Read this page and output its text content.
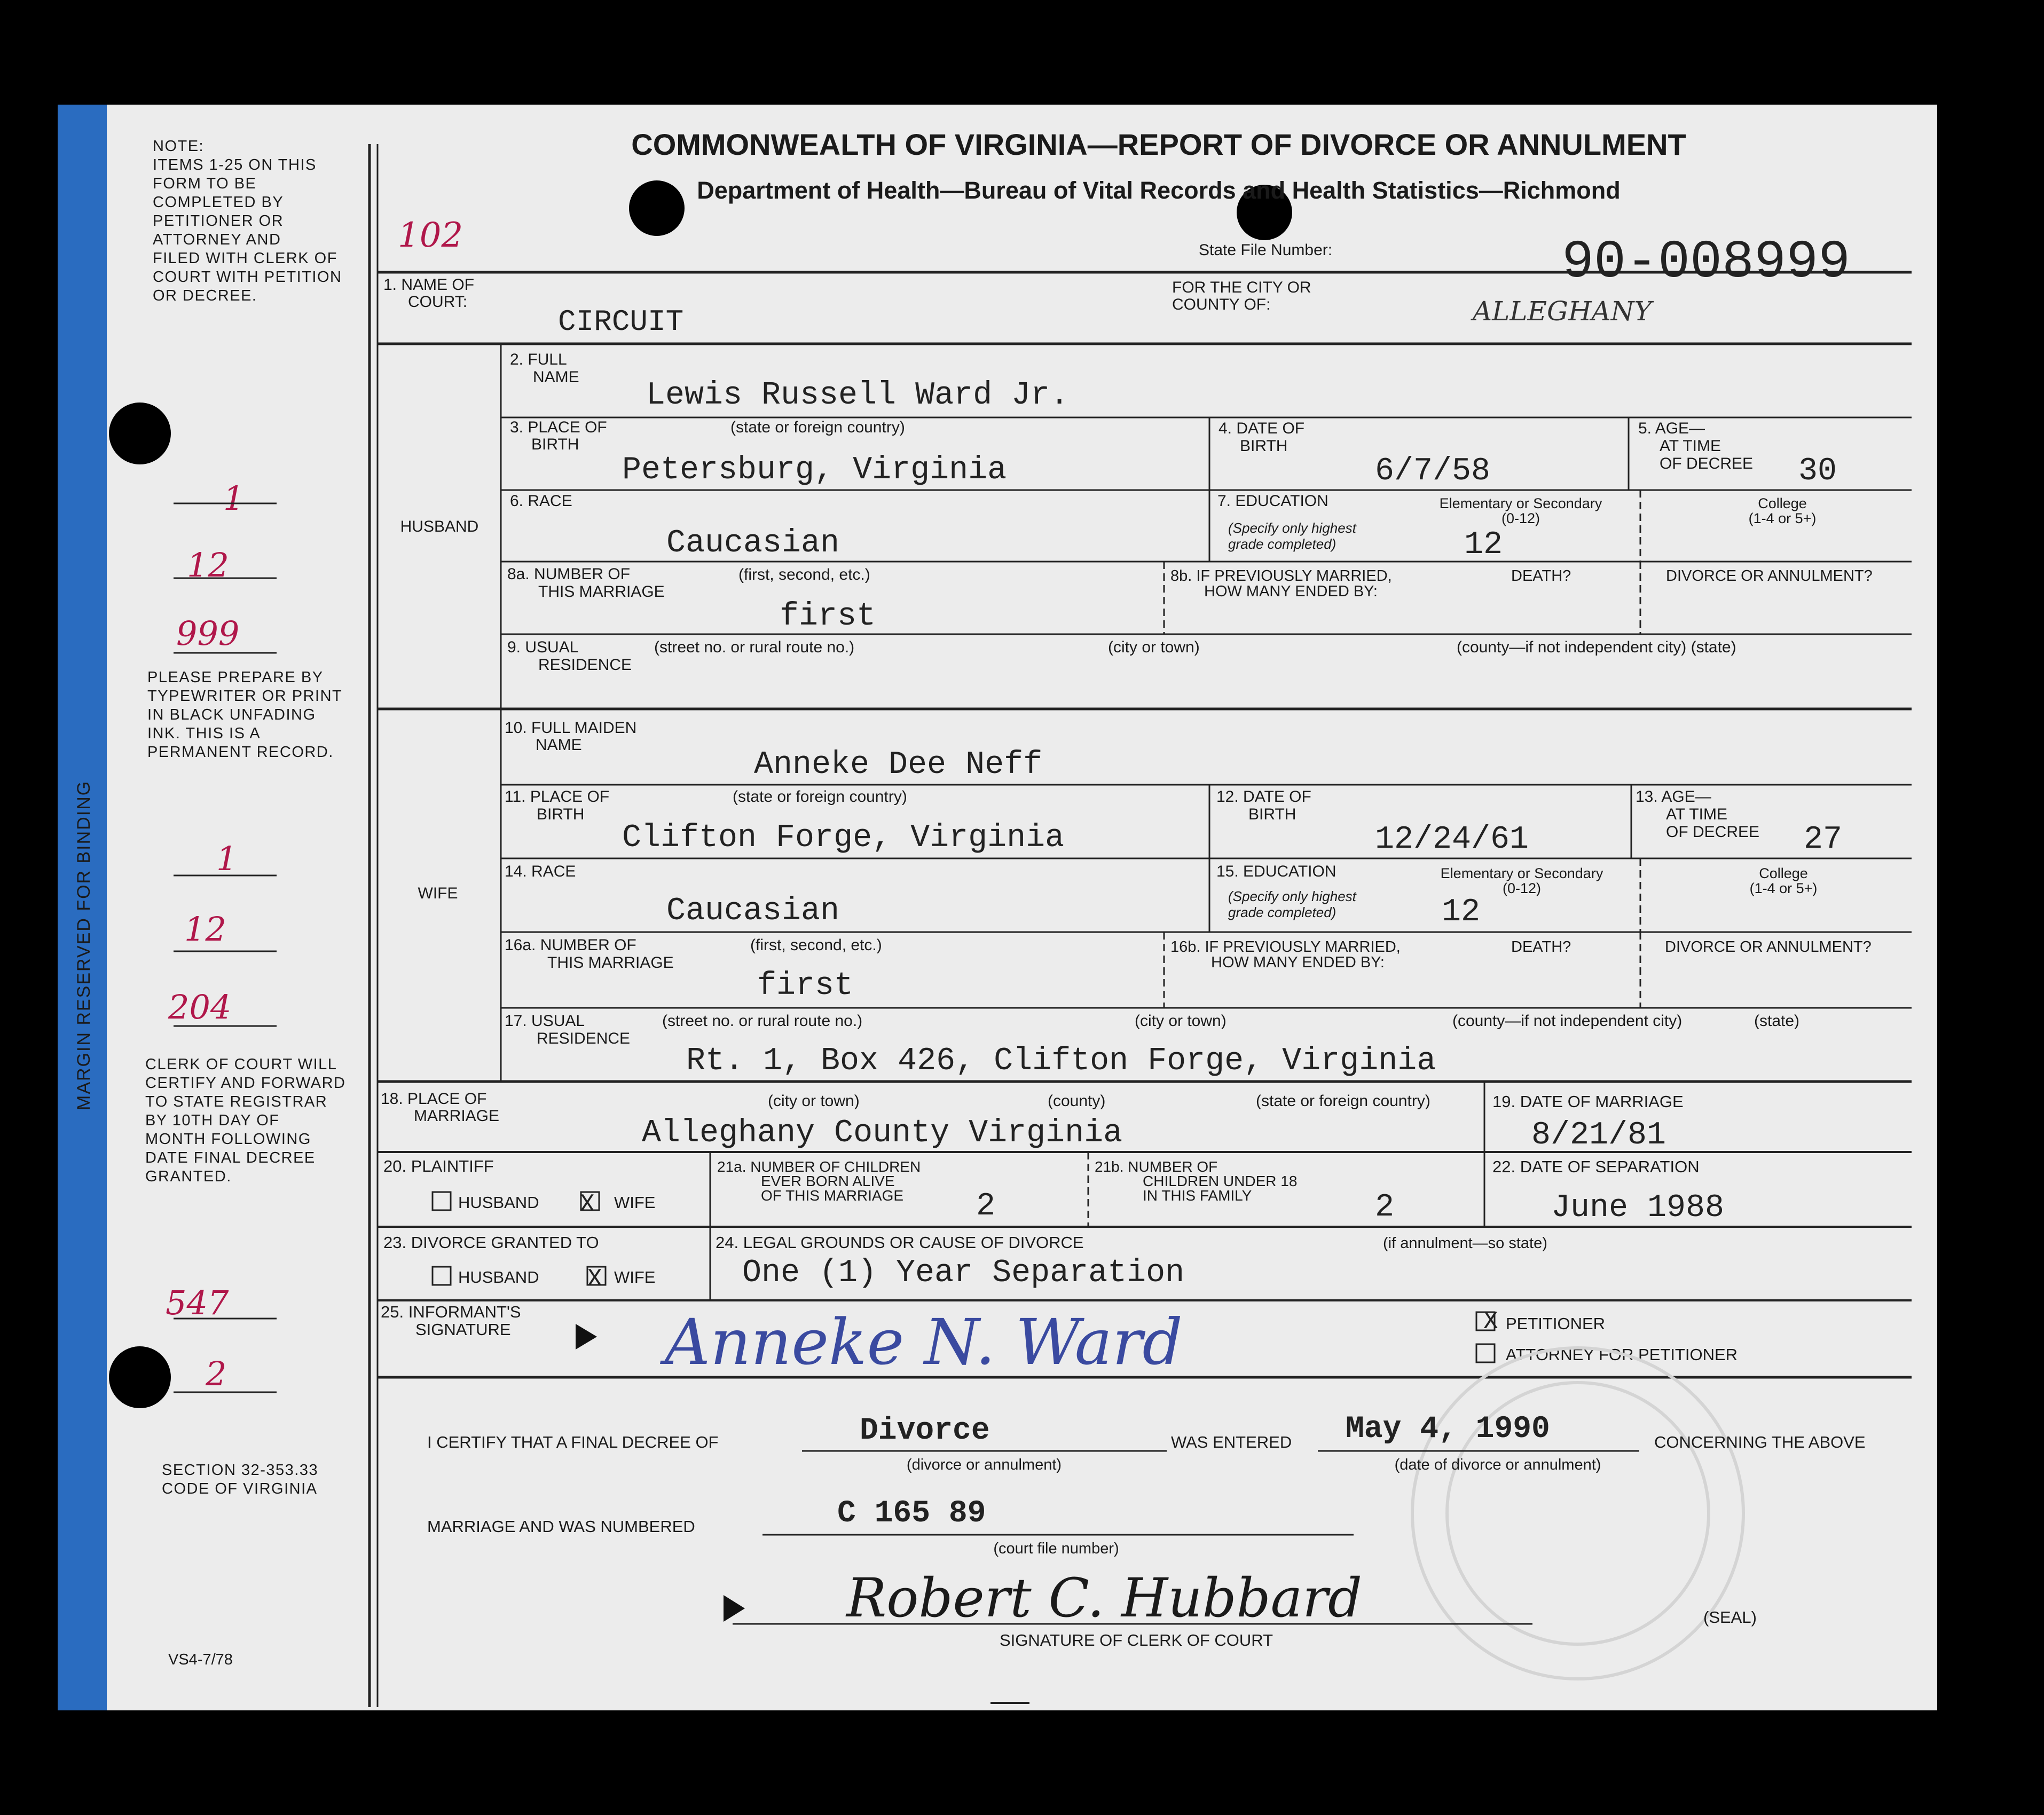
MARGIN RESERVED FOR BINDING
NOTE:
ITEMS 1-25 ON THIS
FORM TO BE
COMPLETED BY
PETITIONER OR
ATTORNEY AND
FILED WITH CLERK OF
COURT WITH PETITION
OR DECREE.
1
12
999
PLEASE PREPARE BY
TYPEWRITER OR PRINT
IN BLACK UNFADING
INK. THIS IS A
PERMANENT RECORD.
1
12
204
CLERK OF COURT WILL
CERTIFY AND FORWARD
TO STATE REGISTRAR
BY 10TH DAY OF
MONTH FOLLOWING
DATE FINAL DECREE
GRANTED.
547
2
SECTION 32-353.33
CODE OF VIRGINIA
VS4-7/78
COMMONWEALTH OF VIRGINIA—REPORT OF DIVORCE OR ANNULMENT
Department of Health—Bureau of Vital Records and Health Statistics—Richmond
102	State File Number:	90-008999
1. NAME OF
COURT:
CIRCUIT
FOR THE CITY OR
COUNTY OF:	ALLEGHANY
HUSBAND
2. FULL
NAME
Lewis Russell Ward Jr.
3. PLACE OF
BIRTH
(state or foreign country)
Petersburg, Virginia
4. DATE OF
BIRTH
6/7/58
5. AGE—
AT TIME
OF DECREE 30
6. RACE
Caucasian
7. EDUCATION
(Specify only highest
grade completed)
Elementary or Secondary
(0-12)
College
(1-4 or 5+)
12
8a. NUMBER OF
THIS MARRIAGE
(first, second, etc.)
first
8b. IF PREVIOUSLY MARRIED,
HOW MANY ENDED BY:
DEATH?	DIVORCE OR ANNULMENT?
9. USUAL
RESIDENCE
(street no. or rural route no.)	(city or town)	(county—if not independent city) (state)
WIFE
10. FULL MAIDEN
NAME
Anneke Dee Neff
11. PLACE OF
BIRTH
(state or foreign country)
Clifton Forge, Virginia
12. DATE OF
BIRTH
12/24/61
13. AGE—
AT TIME
OF DECREE 27
14. RACE
Caucasian
15. EDUCATION
(Specify only highest
grade completed)
Elementary or Secondary
(0-12)
College
(1-4 or 5+)
12
16a. NUMBER OF
THIS MARRIAGE
(first, second, etc.)
first
16b. IF PREVIOUSLY MARRIED,
HOW MANY ENDED BY:
DEATH?	DIVORCE OR ANNULMENT?
17. USUAL
RESIDENCE
(street no. or rural route no.)	(city or town)	(county—if not independent city)	(state)
Rt. 1, Box 426, Clifton Forge, Virginia
18. PLACE OF
MARRIAGE
(city or town)	(county)	(state or foreign country)
Alleghany County Virginia
19. DATE OF MARRIAGE
8/21/81
20. PLAINTIFF
HUSBAND X WIFE
21a. NUMBER OF CHILDREN
EVER BORN ALIVE
OF THIS MARRIAGE 2
21b. NUMBER OF
CHILDREN UNDER 18
IN THIS FAMILY	2
22. DATE OF SEPARATION
June 1988
23. DIVORCE GRANTED TO
HUSBAND X WIFE
24. LEGAL GROUNDS OR CAUSE OF DIVORCE	(if annulment—so state)
One (1) Year Separation
25. INFORMANT'S
SIGNATURE Anneke N. Ward	X PETITIONER
ATTORNEY FOR PETITIONER
I CERTIFY THAT A FINAL DECREE OF	Divorce
(divorce or annulment)
WAS ENTERED May 4, 1990
(date of divorce or annulment)
CONCERNING THE ABOVE
MARRIAGE AND WAS NUMBERED	C 165 89
(court file number)
Robert C. Hubbard
SIGNATURE OF CLERK OF COURT
(SEAL)
